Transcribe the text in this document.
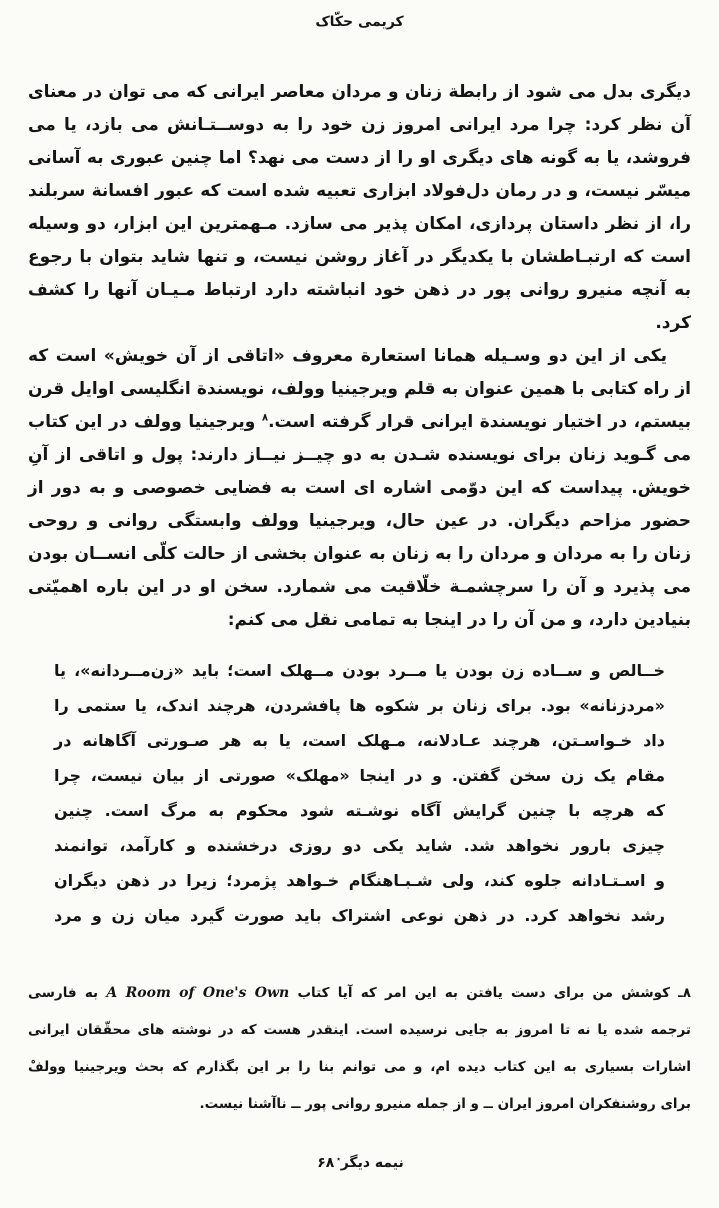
کریمی حکّاک
دیگری بدل می شود از رابطة زنان و مردان معاصر ایرانی که می توان در معنای
آن نظر کرد: چرا مرد ایرانی امروز زن خود را به دوســتـانش می بازد، یا می
فروشد، یا به گونه های دیگری او را از دست می نهد؟ اما چنین عبوری به آسانی
میسّر نیست، و در رمان دل‌فولاد ابزاری تعبیه شده است که عبور افسانة سربلند
را، از نظر داستان پردازی، امکان پذیر می سازد. مـهمترین این ابزار، دو وسیله
است که ارتبـاطشان با یکدیگر در آغاز روشن نیست، و تنها شاید بتوان با رجوع
به آنچه منیرو روانی پور در ذهن خود انباشته دارد ارتباط مـیـان آنها را کشف
کرد.
یکی از این دو وسـیله همانا استعارة معروف «اتاقی از آن خویش» است که
از راه کتابی با همین عنوان به قلم ویرجینیا وولف، نویسندة انگلیسی اوایل قرن
بیستم، در اختیار نویسندة ایرانی قرار گرفته است.$^۸$ ویرجینیا وولف در این کتاب
می گـوید زنان برای نویسنده شـدن به دو چیــز نیــاز دارند: پول و اتاقی از آنِ
خویش. پیداست که این دوّمی اشاره ای است به فضایی خصوصی و به دور از
حضور مزاحم دیگران. در عین حال، ویرجینیا وولف وابستگی روانی و روحی
زنان را به مردان و مردان را به زنان به عنوان بخشی از حالت کلّی انســان بودن
می پذیرد و آن را سرچشمـة خلّاقیت می شمارد. سخن او در این باره اهمیّتی
بنیادین دارد، و من آن را در اینجا به تمامی نقل می کنم:
خــالص و ســاده زن بودن یا مــرد بودن مــهلک است؛ باید «زن‌مــردانه»، یا
«مردزنانه» بود. برای زنان بر شکوه ها پافشردن، هرچند اندک، یا ستمی را
داد خـواسـتن، هرچند عـادلانه، مـهلک است، یا به هر صـورتی آگاهانه در
مقام یک زن سخن گفتن. و در اینجا «مهلک» صورتی از بیان نیست، چرا
که هرچه با چنین گرایش آگاه نوشـته شود محکوم به مرگ است. چنین
چیزی بارور نخواهد شد. شاید یکی دو روزی درخشنده و کارآمد، توانمند
و اسـتـادانه جلوه کند، ولی شـبـاهنگام خـواهد پژمرد؛ زیرا در ذهن دیگران
رشد نخواهد کرد. در ذهن نوعی اشتراک باید صورت گیرد میان زن و مرد
۸ـ کوشش من برای دست یافتن به این امر که آیا کتاب A Room of One's Own به فارسی
ترجمه شده یا نه تا امروز به جایی نرسیده است. اینقدر هست که در نوشته های محقّقان ایرانی
اشارات بسیاری به این کتاب دیده ام، و می توانم بنا را بر این بگذارم که بحث ویرجینیا وولفْ
برای روشنفکران امروز ایران ــ و از جمله منیرو روانی پور ــ ناآشنا نیست.
نیمه دیگر٭۶۸
